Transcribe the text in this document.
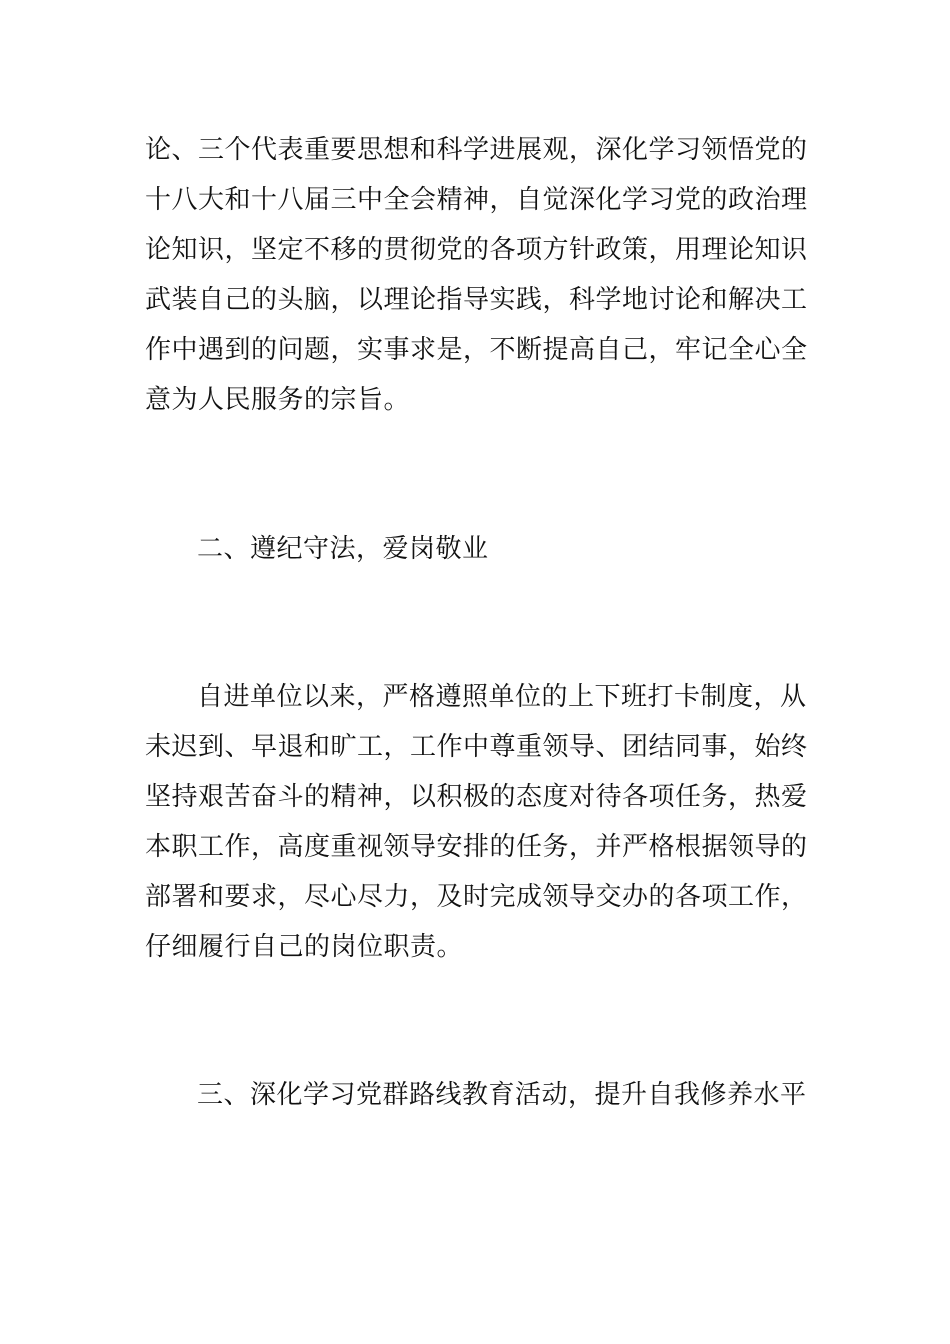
论、三个代表重要思想和科学进展观，深化学习领悟党的

十八大和十八届三中全会精神，自觉深化学习党的政治理

论知识，坚定不移的贯彻党的各项方针政策，用理论知识

武装自己的头脑，以理论指导实践，科学地讨论和解决工

作中遇到的问题，实事求是，不断提高自己，牢记全心全

意为人民服务的宗旨。

二、遵纪守法，爱岗敬业

自进单位以来，严格遵照单位的上下班打卡制度，从

未迟到、早退和旷工，工作中尊重领导、团结同事，始终

坚持艰苦奋斗的精神，以积极的态度对待各项任务，热爱

本职工作，高度重视领导安排的任务，并严格根据领导的

部署和要求，尽心尽力，及时完成领导交办的各项工作，

仔细履行自己的岗位职责。

三、深化学习党群路线教育活动，提升自我修养水平
